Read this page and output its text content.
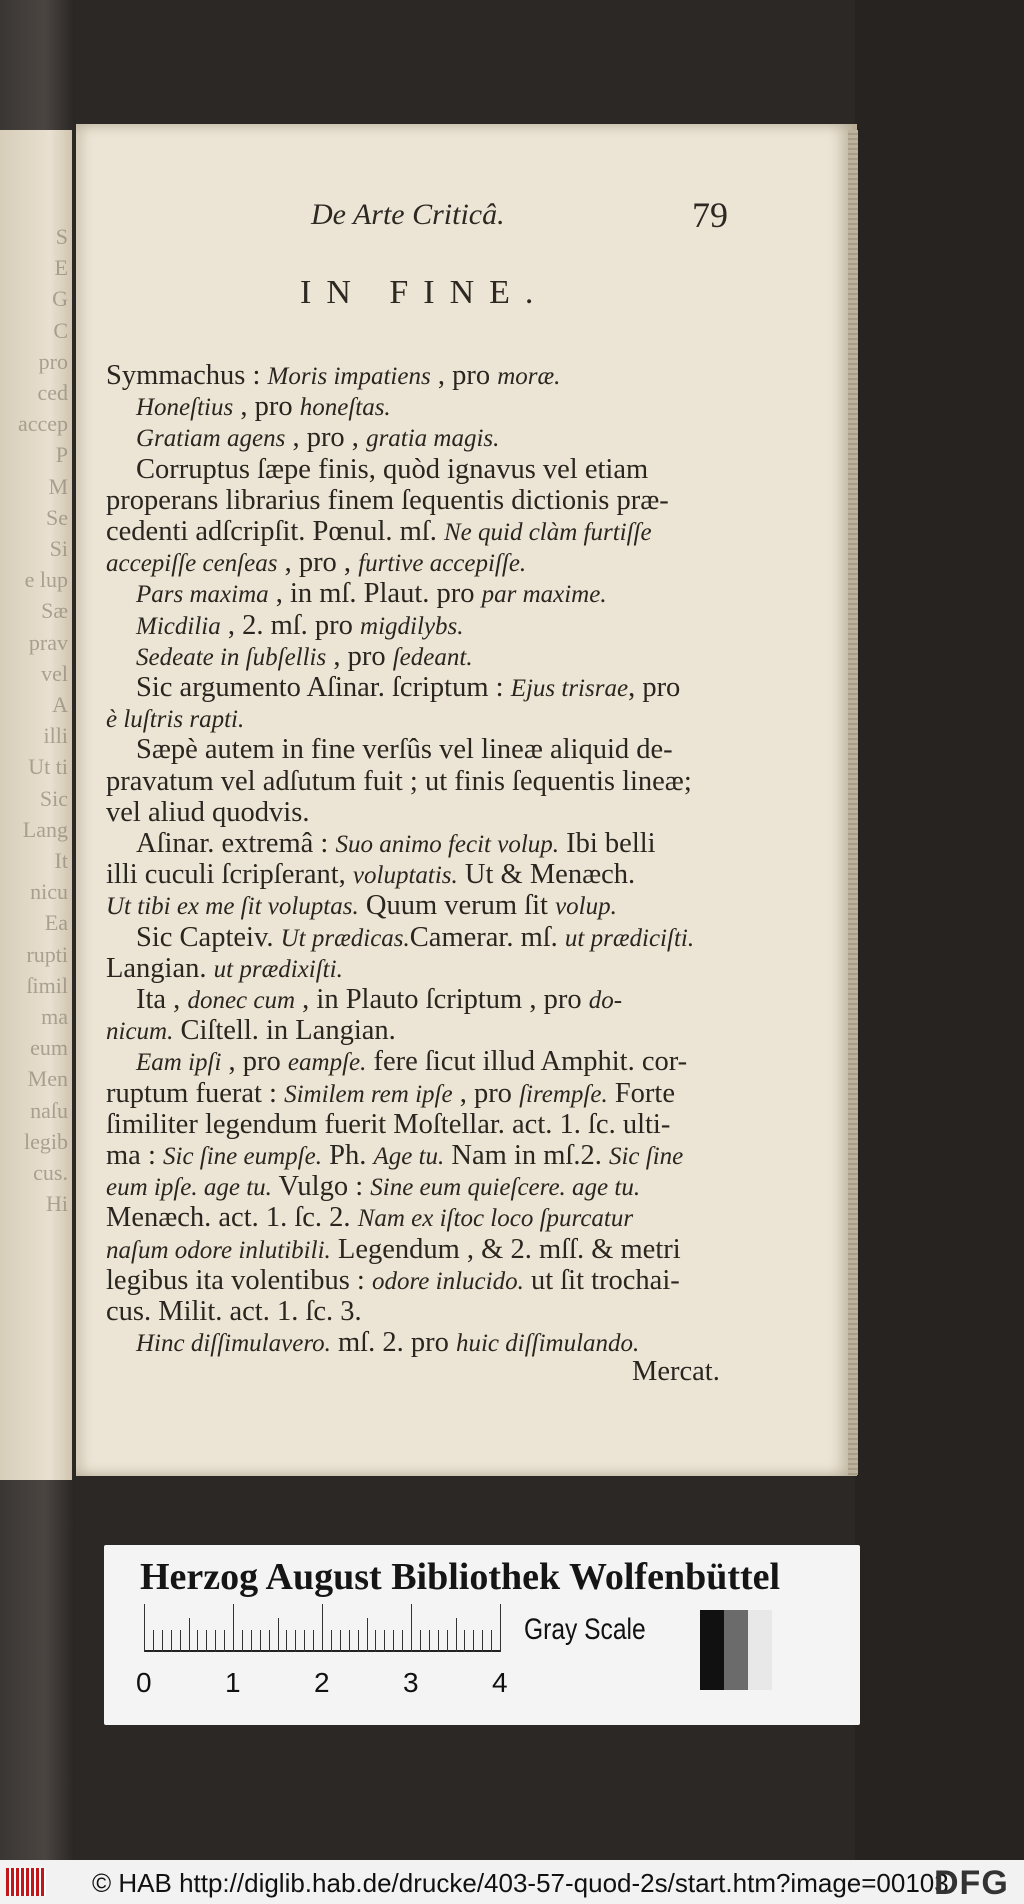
S
E
G
C
pro
ced
accep
P
M
Se
Si
e lup
Sæ
prav
vel
A
illi
Ut ti
Sic
Lang
It
nicu
Ea
rupti
ſimil
ma
eum
Men
naſu
legib
cus.
Hi
De Arte Criticâ.	79
IN FINE.
Symmachus : Moris impatiens , pro moræ.
Honeſtius , pro honeſtas.
Gratiam agens , pro , gratia magis.
Corruptus ſæpe finis, quòd ignavus vel etiam
properans librarius finem ſequentis dictionis præ-
cedenti adſcripſit. Pœnul. mſ. Ne quid clàm furtiſſe
accepiſſe cenſeas , pro , furtive accepiſſe.
Pars maxima , in mſ. Plaut. pro par maxime.
Micdilia , 2. mſ. pro migdilybs.
Sedeate in ſubſellis , pro ſedeant.
Sic argumento Aſinar. ſcriptum : Ejus trisrae, pro
è luſtris rapti.
Sæpè autem in fine verſûs vel lineæ aliquid de-
pravatum vel adſutum fuit ; ut finis ſequentis lineæ;
vel aliud quodvis.
Aſinar. extremâ : Suo animo fecit volup. Ibi belli
illi cuculi ſcripſerant, voluptatis. Ut & Menæch.
Ut tibi ex me ſit voluptas. Quum verum ſit volup.
Sic Capteiv. Ut prædicas.Camerar. mſ. ut prædiciſti.
Langian. ut prædixiſti.
Ita , donec cum , in Plauto ſcriptum , pro do-
nicum. Ciſtell. in Langian.
Eam ipſi , pro eampſe. fere ſicut illud Amphit. cor-
ruptum fuerat : Similem rem ipſe , pro ſirempſe. Forte
ſimiliter legendum fuerit Moſtellar. act. 1. ſc. ulti-
ma : Sic ſine eumpſe. Ph. Age tu. Nam in mſ.2. Sic ſine
eum ipſe. age tu. Vulgo : Sine eum quieſcere. age tu.
Menæch. act. 1. ſc. 2. Nam ex iſtoc loco ſpurcatur
naſum odore inlutibili. Legendum , & 2. mſſ. & metri
legibus ita volentibus : odore inlucido. ut ſit trochai-
cus. Milit. act. 1. ſc. 3.
Hinc diſſimulavero. mſ. 2. pro huic diſſimulando.
Mercat.
Herzog August Bibliothek Wolfenbüttel
0	1	2	3	4
Gray Scale
© HAB http://diglib.hab.de/drucke/403-57-quod-2s/start.htm?image=00103
DFG
